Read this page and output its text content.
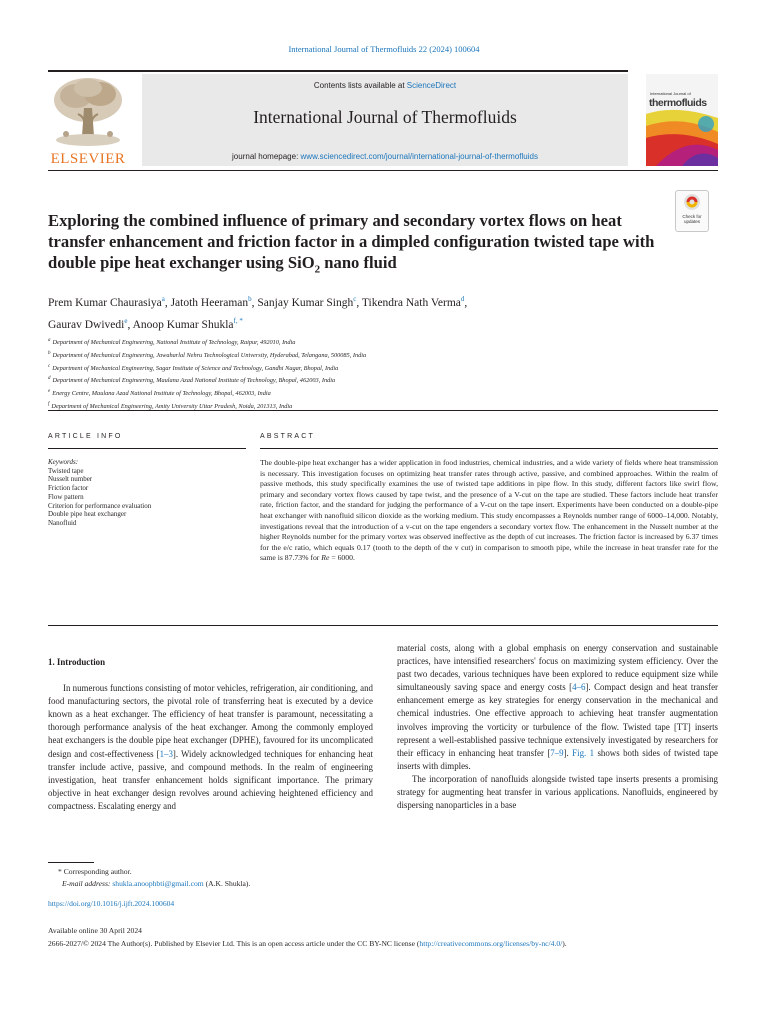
International Journal of Thermofluids 22 (2024) 100604
ELSEVIER
Contents lists available at ScienceDirect
International Journal of Thermofluids
journal homepage: www.sciencedirect.com/journal/international-journal-of-thermofluids
International Journal of
thermofluids
Check for
updates
Exploring the combined influence of primary and secondary vortex flows on heat transfer enhancement and friction factor in a dimpled configuration twisted tape with double pipe heat exchanger using SiO$_2$ nano fluid
Prem Kumar Chaurasiya$^a$, Jatoth Heeraman$^b$, Sanjay Kumar Singh$^c$, Tikendra Nath Verma$^d$,
Gaurav Dwivedi$^e$, Anoop Kumar Shukla$^{f, *}$
$^a$ Department of Mechanical Engineering, National Institute of Technology, Raipur, 492010, India
$^b$ Department of Mechanical Engineering, Jawaharlal Nehru Technological University, Hyderabad, Telangana, 500085, India
$^c$ Department of Mechanical Engineering, Sagar Institute of Science and Technology, Gandhi Nagar, Bhopal, India
$^d$ Department of Mechanical Engineering, Maulana Azad National Institute of Technology, Bhopal, 462003, India
$^e$ Energy Centre, Maulana Azad National Institute of Technology, Bhopal, 462003, India
$^f$ Department of Mechanical Engineering, Amity University Uttar Pradesh, Noida, 201313, India
ARTICLE INFO	ABSTRACT
Keywords:
Twisted tape
Nusselt number
Friction factor
Flow pattern
Criterion for performance evaluation
Double pipe heat exchanger
Nanofluid
The double-pipe heat exchanger has a wider application in food industries, chemical industries, and a wide variety of fields where heat transmission is necessary. This investigation focuses on optimizing heat transfer rates through active, passive, and combined approaches. Within the realm of passive methods, this study specifically examines the use of twisted tape additions in pipe flow. In this study, different factors like swirl flow, primary and secondary vortex flows caused by tape twist, and the presence of a V-cut on the tape are studied. These factors include heat transfer rate, friction factor, and the standard for judging the performance of a V-cut on the tape insert. Experiments have been conducted on a double-pipe heat exchanger with nanofluid silicon dioxide as the working medium. This study encompasses a Reynolds number range of 6000–14,000. Notably, investigations reveal that the introduction of a v-cut on the tape engenders a secondary vortex flow. The enhancement in the Nusselt number at the higher Reynolds number for the primary vortex was observed ineffective as the depth of cut increases. The friction factor is increased by 6.37 times for the e/c ratio, which equals 0.17 (tooth to the depth of the v cut) in comparison to smooth pipe, while the increase in heat transfer rate for the same is 87.73% for Re = 6000.

1. Introduction

In numerous functions consisting of motor vehicles, refrigeration, air conditioning, and food manufacturing sectors, the pivotal role of transferring heat is executed by a device known as a heat exchanger. The efficiency of heat transfer is paramount, necessitating a thorough performance analysis of the heat exchanger. Among the commonly employed heat exchangers is the double pipe heat exchanger (DPHE), favoured for its uncomplicated design and cost-effectiveness [1–3]. Widely acknowledged techniques for enhancing heat transfer include active, passive, and compound methods. In the realm of engineering investigation, heat transfer enhancement holds significant importance. The primary objective in heat exchanger design revolves around achieving heightened efficiency and compactness. Escalating energy and

material costs, along with a global emphasis on energy conservation and sustainable practices, have intensified researchers' focus on maximizing system efficiency. Over the past two decades, various techniques have been explored to reduce equipment size while simultaneously saving space and energy costs [4–6]. Compact design and heat transfer enhancement emerge as key strategies for energy conservation in the mechanical and chemical industries. One effective approach to achieving heat transfer augmentation involves improving the vorticity or turbulence of the flow. Twisted tape [TT] inserts represent a well-established passive technique extensively investigated by researchers for their efficacy in enhancing heat transfer [7–9]. Fig. 1 shows both sides of twisted tape inserts with dimples.

The incorporation of nanofluids alongside twisted tape inserts presents a promising strategy for augmenting heat transfer in various applications. Nanofluids, engineered by dispersing nanoparticles in a base

* Corresponding author.
E-mail address: shukla.anoophbti@gmail.com (A.K. Shukla).
https://doi.org/10.1016/j.ijft.2024.100604
Available online 30 April 2024
2666-2027/© 2024 The Author(s). Published by Elsevier Ltd. This is an open access article under the CC BY-NC license (http://creativecommons.org/licenses/by-nc/4.0/).
